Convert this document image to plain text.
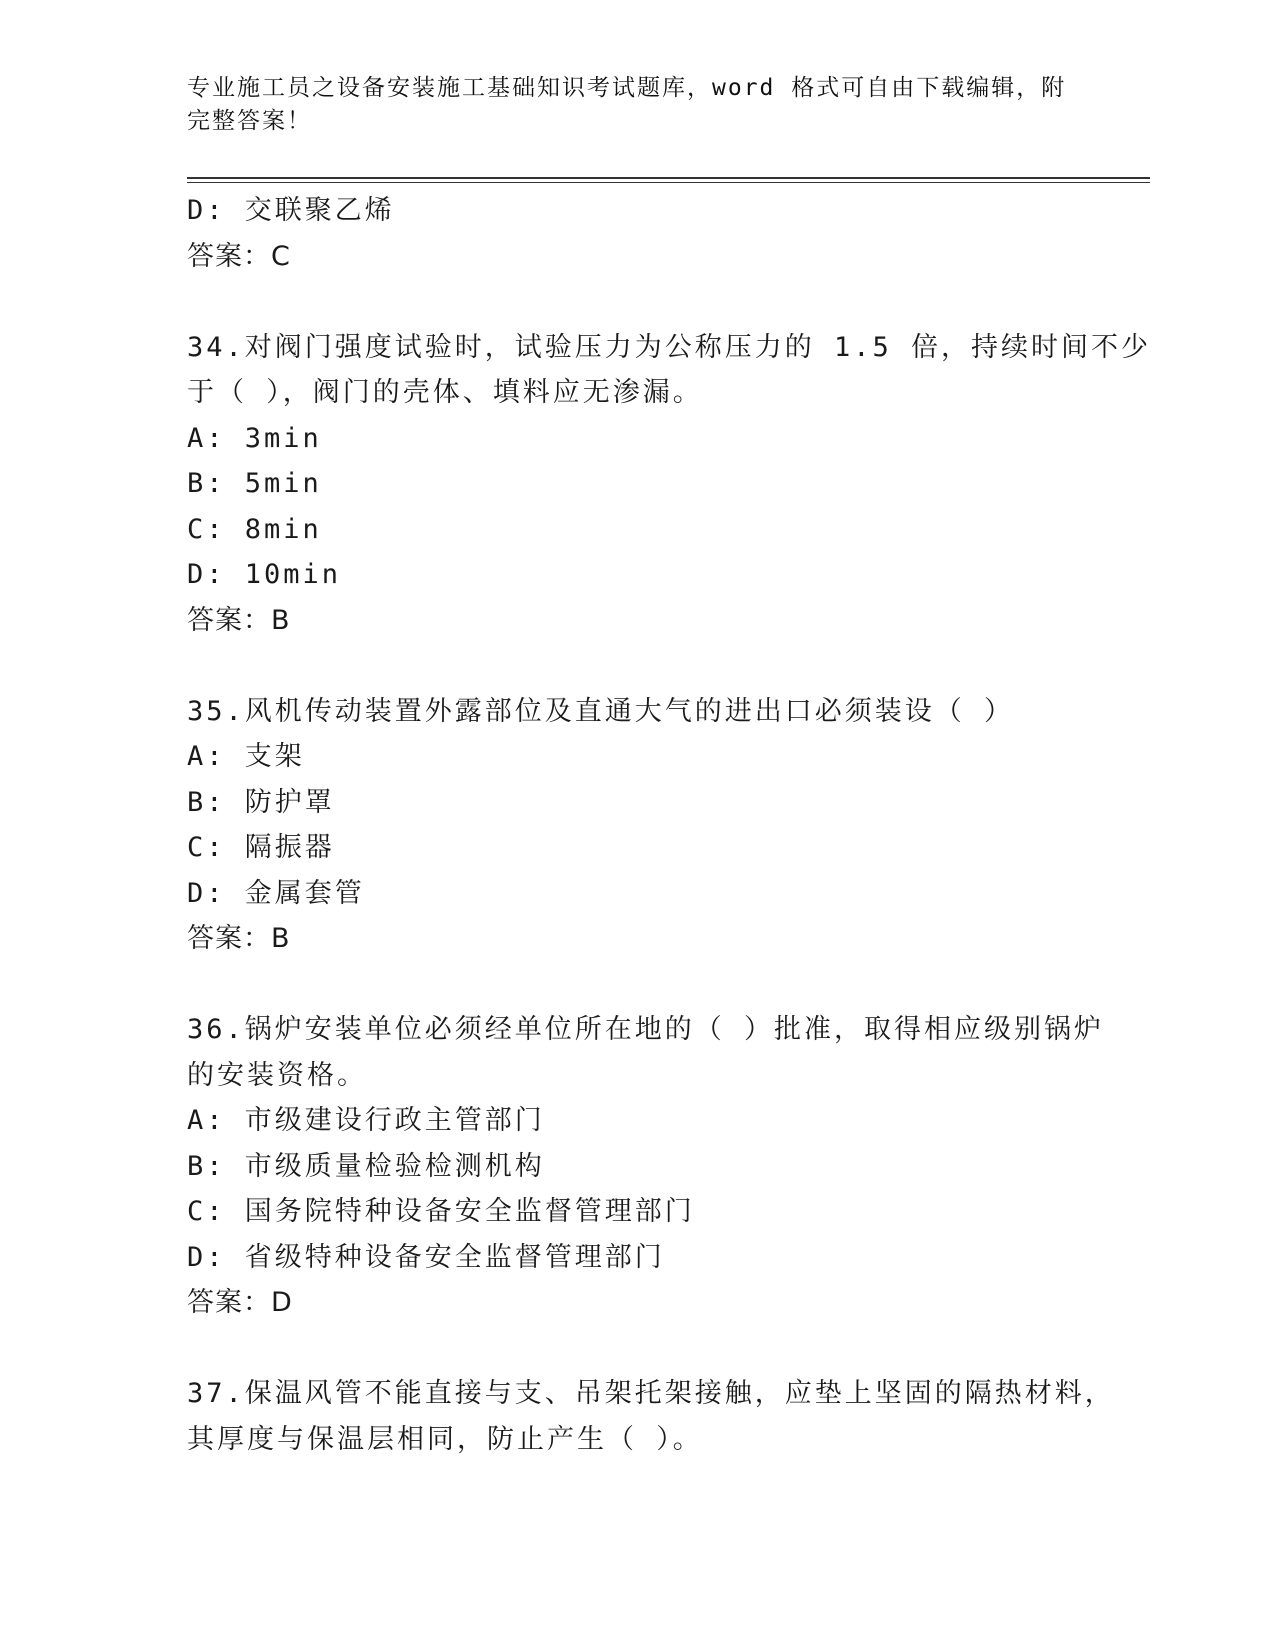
专业施工员之设备安装施工基础知识考试题库，word 格式可自由下载编辑，附完整答案！
D: 交联聚乙烯
答案：C
34.对阀门强度试验时，试验压力为公称压力的 1.5 倍，持续时间不少
于（ ），阀门的壳体、填料应无渗漏。
A: 3min
B: 5min
C: 8min
D: 10min
答案：B
35.风机传动装置外露部位及直通大气的进出口必须装设（ ）
A: 支架
B: 防护罩
C: 隔振器
D: 金属套管
答案：B
36.锅炉安装单位必须经单位所在地的（ ）批准，取得相应级别锅炉
的安装资格。
A: 市级建设行政主管部门
B: 市级质量检验检测机构
C: 国务院特种设备安全监督管理部门
D: 省级特种设备安全监督管理部门
答案：D
37.保温风管不能直接与支、吊架托架接触，应垫上坚固的隔热材料，
其厚度与保温层相同，防止产生（ ）。
